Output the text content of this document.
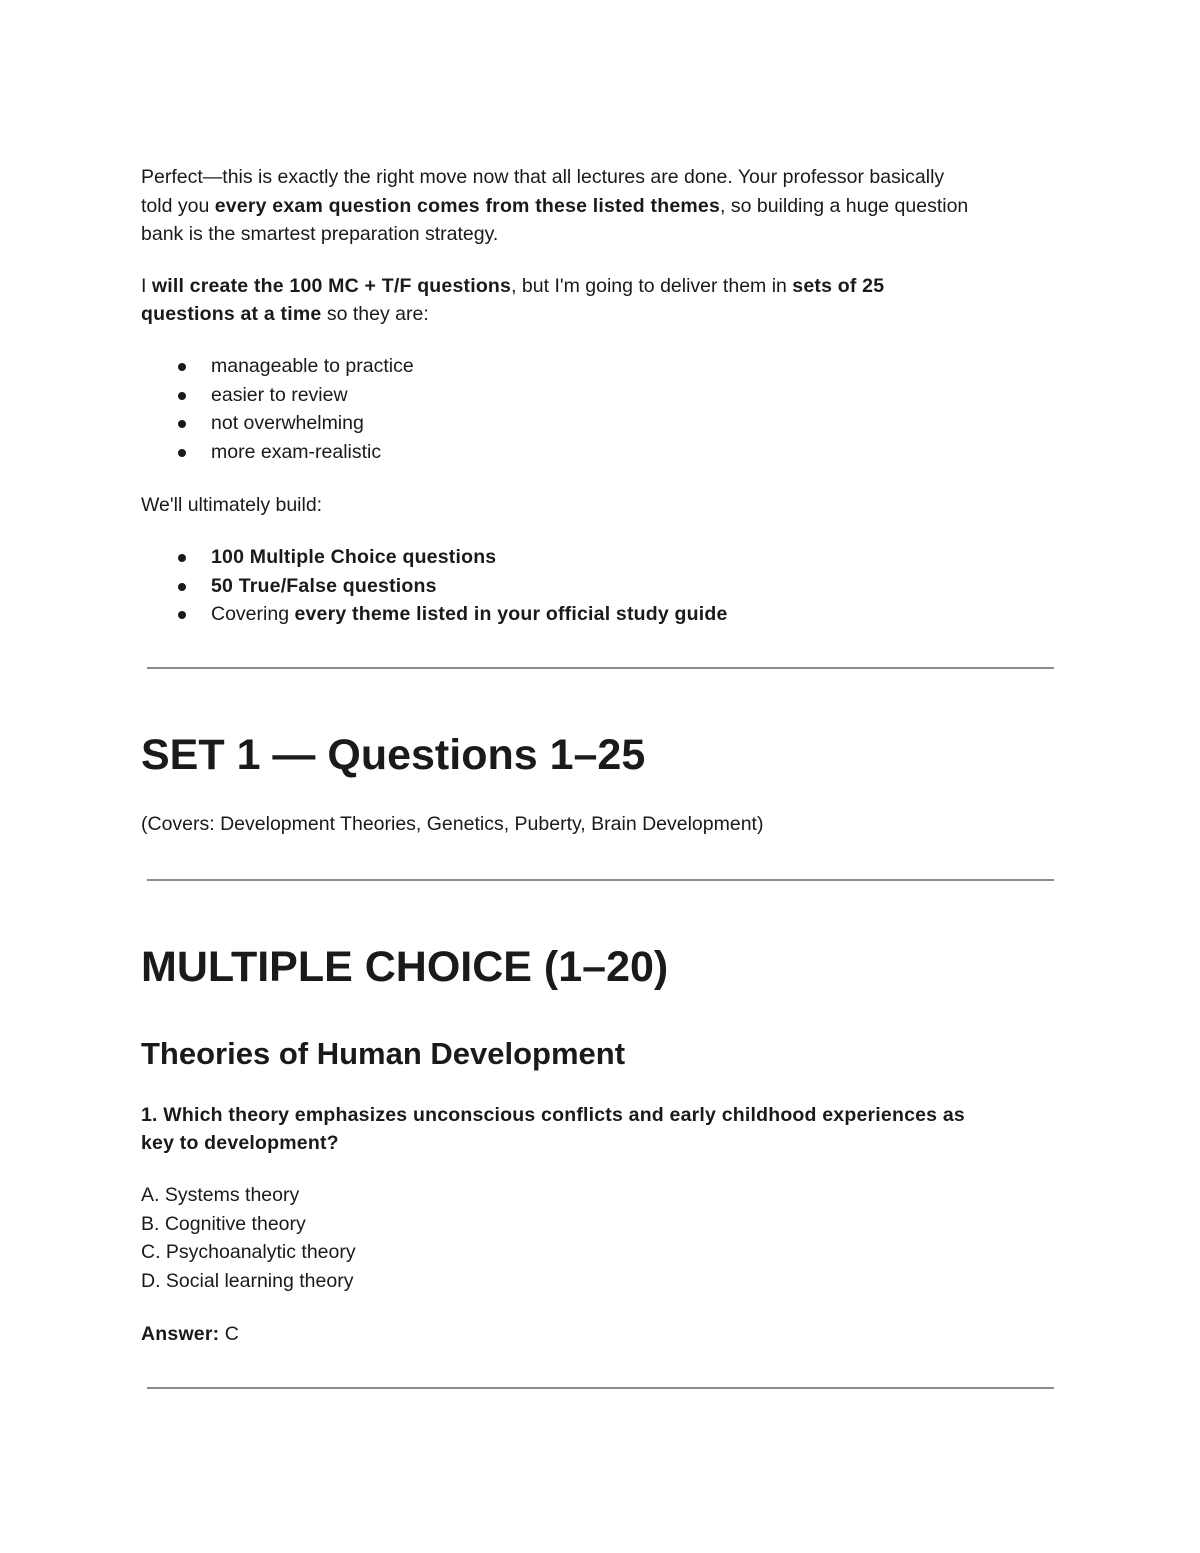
Perfect—this is exactly the right move now that all lectures are done. Your professor basically

told you every exam question comes from these listed themes, so building a huge question

bank is the smartest preparation strategy.

I will create the 100 MC + T/F questions, but I'm going to deliver them in sets of 25

questions at a time so they are:

manageable to practice
easier to review
not overwhelming
more exam-realistic

We'll ultimately build:

100 Multiple Choice questions
50 True/False questions
Covering every theme listed in your official study guide
SET 1 — Questions 1–25

(Covers: Development Theories, Genetics, Puberty, Brain Development)

MULTIPLE CHOICE (1–20)
Theories of Human Development

1. Which theory emphasizes unconscious conflicts and early childhood experiences as

key to development?

A. Systems theory

B. Cognitive theory

C. Psychoanalytic theory

D. Social learning theory

Answer: C
